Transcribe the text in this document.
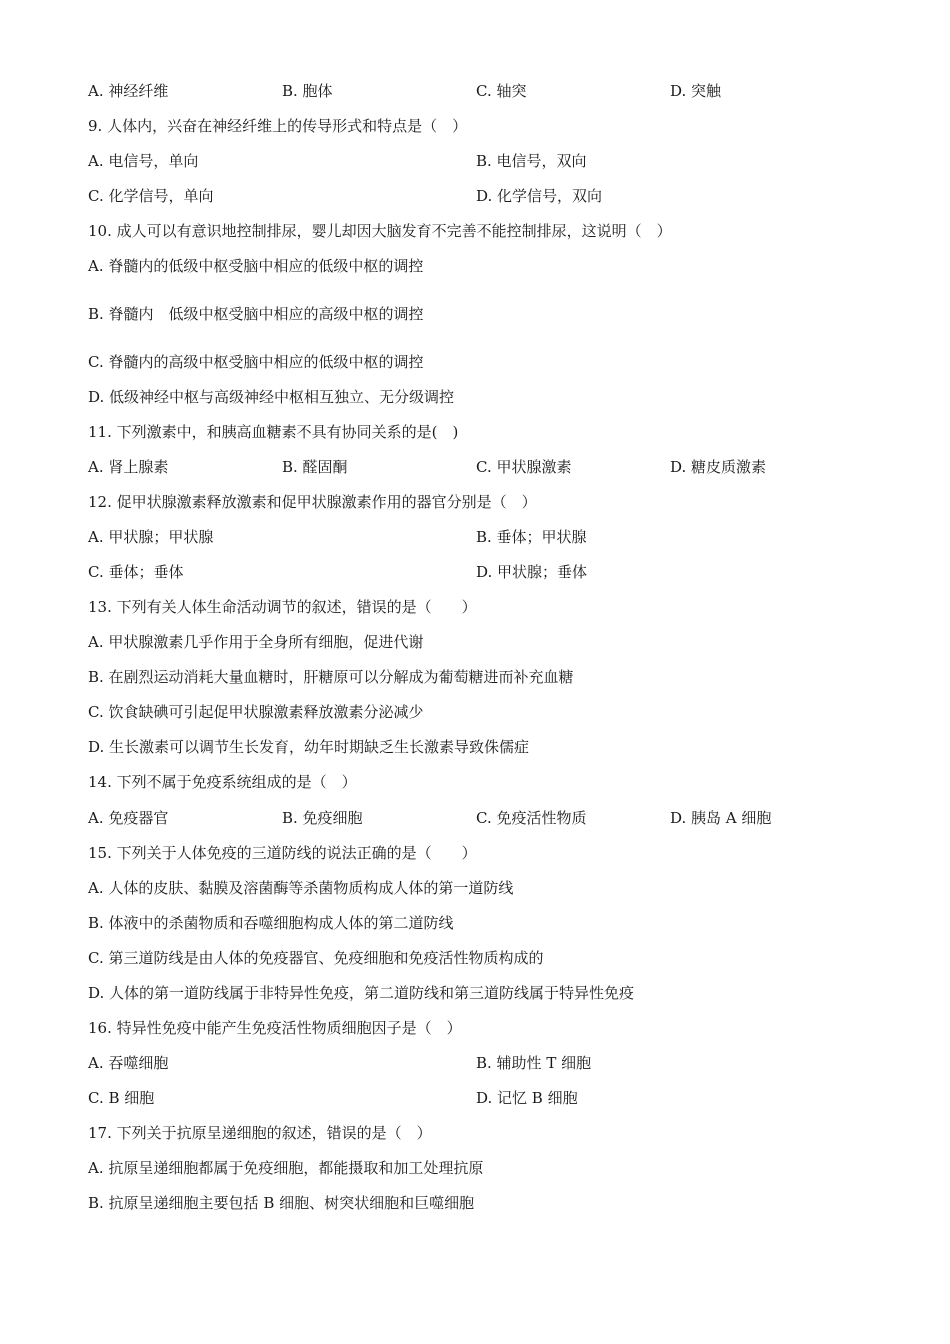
A. 神经纤维	B. 胞体	C. 轴突	D. 突触
9. 人体内，兴奋在神经纤维上的传导形式和特点是（　）
A. 电信号，单向	B. 电信号，双向
C. 化学信号，单向	D. 化学信号，双向
10. 成人可以有意识地控制排尿，婴儿却因大脑发育不完善不能控制排尿，这说明（　）
A. 脊髓内的低级中枢受脑中相应的低级中枢的调控
B. 脊髓内　低级中枢受脑中相应的高级中枢的调控
C. 脊髓内的高级中枢受脑中相应的低级中枢的调控
D. 低级神经中枢与高级神经中枢相互独立、无分级调控
11. 下列激素中，和胰高血糖素不具有协同关系的是(　)
A. 肾上腺素	B. 醛固酮	C. 甲状腺激素	D. 糖皮质激素
12. 促甲状腺激素释放激素和促甲状腺激素作用的器官分别是（　）
A. 甲状腺；甲状腺	B. 垂体；甲状腺
C. 垂体；垂体	D. 甲状腺；垂体
13. 下列有关人体生命活动调节的叙述，错误的是（　　）
A. 甲状腺激素几乎作用于全身所有细胞，促进代谢
B. 在剧烈运动消耗大量血糖时，肝糖原可以分解成为葡萄糖进而补充血糖
C. 饮食缺碘可引起促甲状腺激素释放激素分泌减少
D. 生长激素可以调节生长发育，幼年时期缺乏生长激素导致侏儒症
14. 下列不属于免疫系统组成的是（　）
A. 免疫器官	B. 免疫细胞	C. 免疫活性物质	D. 胰岛 A 细胞
15. 下列关于人体免疫的三道防线的说法正确的是（　　）
A. 人体的皮肤、黏膜及溶菌酶等杀菌物质构成人体的第一道防线
B. 体液中的杀菌物质和吞噬细胞构成人体的第二道防线
C. 第三道防线是由人体的免疫器官、免疫细胞和免疫活性物质构成的
D. 人体的第一道防线属于非特异性免疫，第二道防线和第三道防线属于特异性免疫
16. 特异性免疫中能产生免疫活性物质细胞因子是（　）
A. 吞噬细胞	B. 辅助性 T 细胞
C. B 细胞	D. 记忆 B 细胞
17. 下列关于抗原呈递细胞的叙述，错误的是（　）
A. 抗原呈递细胞都属于免疫细胞，都能摄取和加工处理抗原
B. 抗原呈递细胞主要包括 B 细胞、树突状细胞和巨噬细胞
